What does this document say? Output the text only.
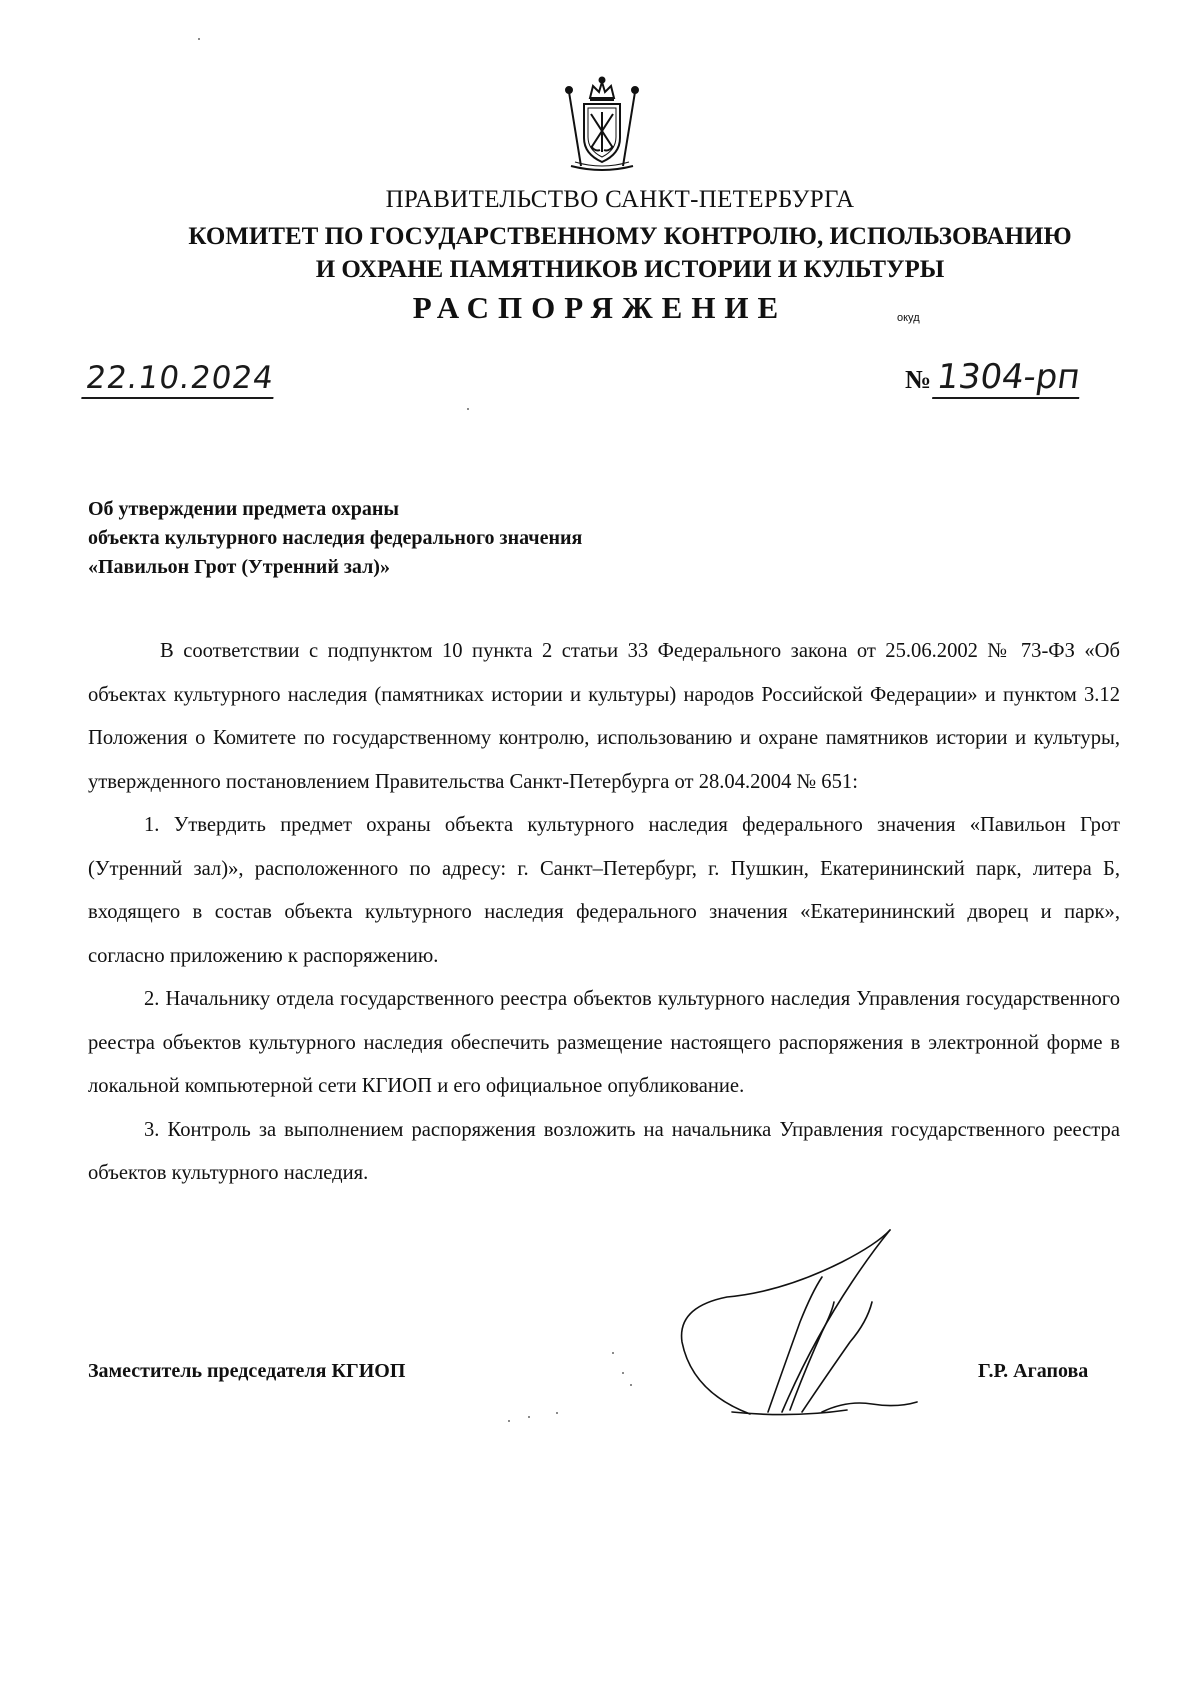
ПРАВИТЕЛЬСТВО САНКТ-ПЕТЕРБУРГА
КОМИТЕТ ПО ГОСУДАРСТВЕННОМУ КОНТРОЛЮ, ИСПОЛЬЗОВАНИЮ
И ОХРАНЕ ПАМЯТНИКОВ ИСТОРИИ И КУЛЬТУРЫ
РАСПОРЯЖЕНИЕ	окуд
22.10.2024	№ 1304-рп
Об утверждении предмета охраны
объекта культурного наследия федерального значения
«Павильон Грот (Утренний зал)»

В соответствии с подпунктом 10 пункта 2 статьи 33 Федерального закона от 25.06.2002 № 73-ФЗ «Об объектах культурного наследия (памятниках истории и культуры) народов Российской Федерации» и пунктом 3.12 Положения о Комитете по государственному контролю, использованию и охране памятников истории и культуры, утвержденного постановлением Правительства Санкт-Петербурга от 28.04.2004 № 651:

1. Утвердить предмет охраны объекта культурного наследия федерального значения «Павильон Грот (Утренний зал)», расположенного по адресу: г. Санкт–Петербург, г. Пушкин, Екатерининский парк, литера Б, входящего в состав объекта культурного наследия федерального значения «Екатерининский дворец и парк», согласно приложению к распоряжению.

2. Начальнику отдела государственного реестра объектов культурного наследия Управления государственного реестра объектов культурного наследия обеспечить размещение настоящего распоряжения в электронной форме в локальной компьютерной сети КГИОП и его официальное опубликование.

3. Контроль за выполнением распоряжения возложить на начальника Управления государственного реестра объектов культурного наследия.

Заместитель председателя КГИОП	Г.Р. Агапова
